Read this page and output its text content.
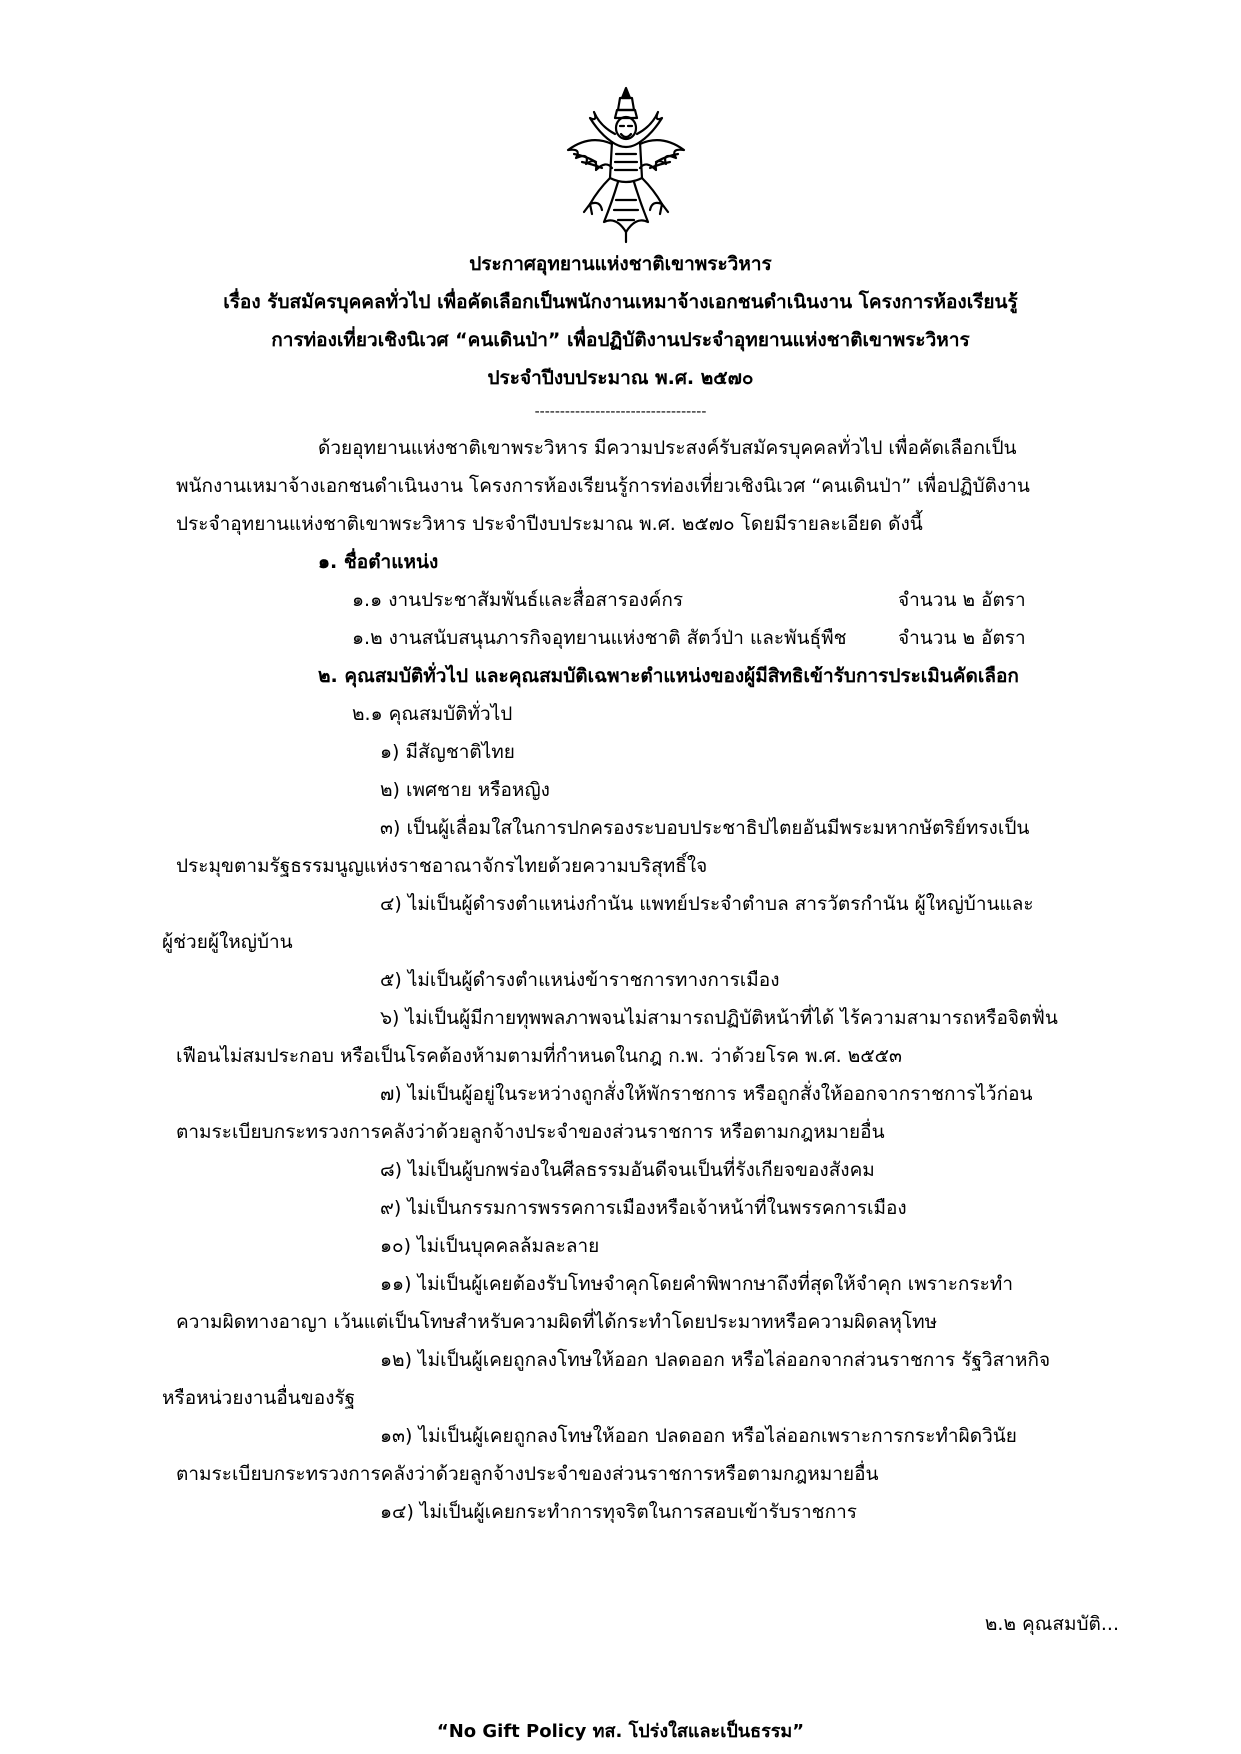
ประกาศอุทยานแห่งชาติเขาพระวิหาร
เรื่อง รับสมัครบุคคลทั่วไป เพื่อคัดเลือกเป็นพนักงานเหมาจ้างเอกชนดำเนินงาน โครงการห้องเรียนรู้
การท่องเที่ยวเชิงนิเวศ “คนเดินป่า” เพื่อปฏิบัติงานประจำอุทยานแห่งชาติเขาพระวิหาร
ประจำปีงบประมาณ พ.ศ. ๒๕๗๐
----------------------------------
ด้วยอุทยานแห่งชาติเขาพระวิหาร มีความประสงค์รับสมัครบุคคลทั่วไป เพื่อคัดเลือกเป็น
พนักงานเหมาจ้างเอกชนดำเนินงาน โครงการห้องเรียนรู้การท่องเที่ยวเชิงนิเวศ “คนเดินป่า” เพื่อปฏิบัติงาน
ประจำอุทยานแห่งชาติเขาพระวิหาร ประจำปีงบประมาณ พ.ศ. ๒๕๗๐ โดยมีรายละเอียด ดังนี้
๑. ชื่อตำแหน่ง
๑.๑ งานประชาสัมพันธ์และสื่อสารองค์กร	จำนวน ๒ อัตรา
๑.๒ งานสนับสนุนภารกิจอุทยานแห่งชาติ สัตว์ป่า และพันธุ์พืช	จำนวน ๒ อัตรา
๒. คุณสมบัติทั่วไป และคุณสมบัติเฉพาะตำแหน่งของผู้มีสิทธิเข้ารับการประเมินคัดเลือก
๒.๑ คุณสมบัติทั่วไป
๑) มีสัญชาติไทย
๒) เพศชาย หรือหญิง
๓) เป็นผู้เลื่อมใสในการปกครองระบอบประชาธิปไตยอันมีพระมหากษัตริย์ทรงเป็น
ประมุขตามรัฐธรรมนูญแห่งราชอาณาจักรไทยด้วยความบริสุทธิ์ใจ
๔) ไม่เป็นผู้ดำรงตำแหน่งกำนัน แพทย์ประจำตำบล สารวัตรกำนัน ผู้ใหญ่บ้านและ
ผู้ช่วยผู้ใหญ่บ้าน
๕) ไม่เป็นผู้ดำรงตำแหน่งข้าราชการทางการเมือง
๖) ไม่เป็นผู้มีกายทุพพลภาพจนไม่สามารถปฏิบัติหน้าที่ได้ ไร้ความสามารถหรือจิตฟั่น
เฟือนไม่สมประกอบ หรือเป็นโรคต้องห้ามตามที่กำหนดในกฎ ก.พ. ว่าด้วยโรค พ.ศ. ๒๕๕๓
๗) ไม่เป็นผู้อยู่ในระหว่างถูกสั่งให้พักราชการ หรือถูกสั่งให้ออกจากราชการไว้ก่อน
ตามระเบียบกระทรวงการคลังว่าด้วยลูกจ้างประจำของส่วนราชการ หรือตามกฎหมายอื่น
๘) ไม่เป็นผู้บกพร่องในศีลธรรมอันดีจนเป็นที่รังเกียจของสังคม
๙) ไม่เป็นกรรมการพรรคการเมืองหรือเจ้าหน้าที่ในพรรคการเมือง
๑๐) ไม่เป็นบุคคลล้มละลาย
๑๑) ไม่เป็นผู้เคยต้องรับโทษจำคุกโดยคำพิพากษาถึงที่สุดให้จำคุก เพราะกระทำ
ความผิดทางอาญา เว้นแต่เป็นโทษสำหรับความผิดที่ได้กระทำโดยประมาทหรือความผิดลหุโทษ
๑๒) ไม่เป็นผู้เคยถูกลงโทษให้ออก ปลดออก หรือไล่ออกจากส่วนราชการ รัฐวิสาหกิจ
หรือหน่วยงานอื่นของรัฐ
๑๓) ไม่เป็นผู้เคยถูกลงโทษให้ออก ปลดออก หรือไล่ออกเพราะการกระทำผิดวินัย
ตามระเบียบกระทรวงการคลังว่าด้วยลูกจ้างประจำของส่วนราชการหรือตามกฎหมายอื่น
๑๔) ไม่เป็นผู้เคยกระทำการทุจริตในการสอบเข้ารับราชการ
๒.๒ คุณสมบัติ...
“No Gift Policy ทส. โปร่งใสและเป็นธรรม”
